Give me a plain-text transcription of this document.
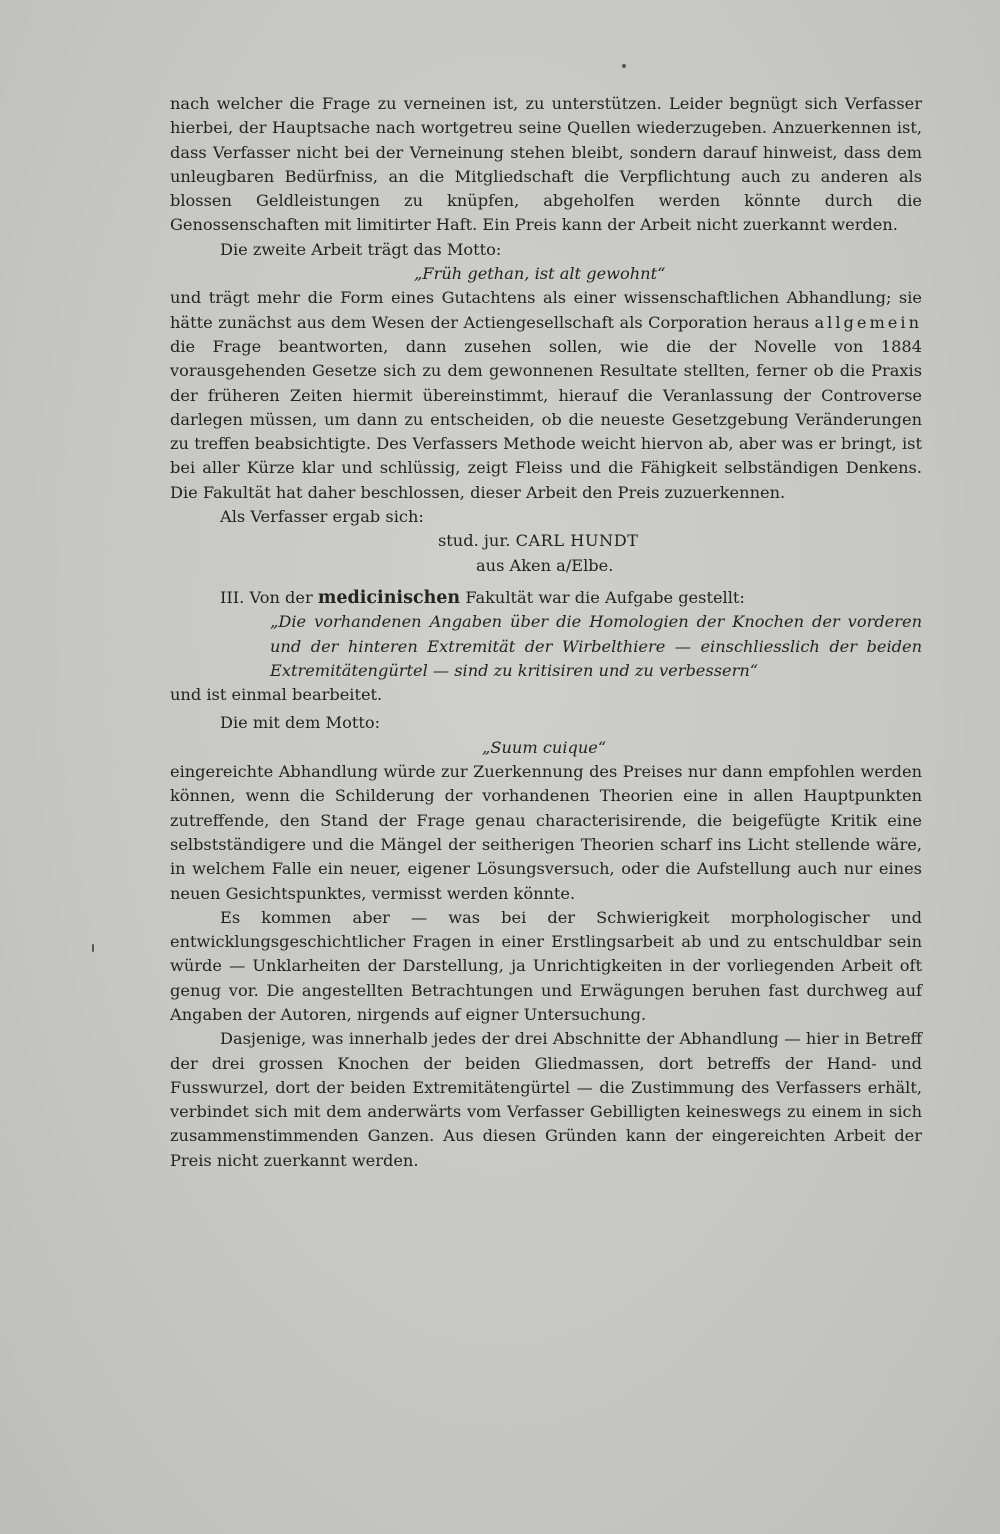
nach welcher die Frage zu verneinen ist, zu unterstützen. Leider begnügt sich Verfasser hierbei, der Hauptsache nach wortgetreu seine Quellen wiederzugeben. Anzuerkennen ist, dass Verfasser nicht bei der Verneinung stehen bleibt, sondern darauf hinweist, dass dem unleugbaren Bedürfniss, an die Mitgliedschaft die Verpflichtung auch zu anderen als blossen Geldleistungen zu knüpfen, abgeholfen werden könnte durch die Genossenschaften mit limitirter Haft. Ein Preis kann der Arbeit nicht zuerkannt werden.

Die zweite Arbeit trägt das Motto:

„Früh gethan, ist alt gewohnt“

und trägt mehr die Form eines Gutachtens als einer wissenschaftlichen Abhandlung; sie hätte zunächst aus dem Wesen der Actiengesellschaft als Corporation heraus allgemein die Frage beantworten, dann zusehen sollen, wie die der Novelle von 1884 vorausgehenden Gesetze sich zu dem gewonnenen Resultate stellten, ferner ob die Praxis der früheren Zeiten hiermit übereinstimmt, hierauf die Veranlassung der Controverse darlegen müssen, um dann zu entscheiden, ob die neueste Gesetzgebung Veränderungen zu treffen beabsichtigte. Des Verfassers Methode weicht hiervon ab, aber was er bringt, ist bei aller Kürze klar und schlüssig, zeigt Fleiss und die Fähigkeit selbständigen Denkens. Die Fakultät hat daher beschlossen, dieser Arbeit den Preis zuzuerkennen.

Als Verfasser ergab sich:

stud. jur. CARL HUNDT

aus Aken a/Elbe.

III. Von der medicinischen Fakultät war die Aufgabe gestellt:

„Die vorhandenen Angaben über die Homologien der Knochen der vorderen und der hinteren Extremität der Wirbelthiere — einschliesslich der beiden Extremitätengürtel — sind zu kritisiren und zu verbessern“

und ist einmal bearbeitet.

Die mit dem Motto:

„Suum cuique“

eingereichte Abhandlung würde zur Zuerkennung des Preises nur dann empfohlen werden können, wenn die Schilderung der vorhandenen Theorien eine in allen Hauptpunkten zutreffende, den Stand der Frage genau characterisirende, die beigefügte Kritik eine selbstständigere und die Mängel der seitherigen Theorien scharf ins Licht stellende wäre, in welchem Falle ein neuer, eigener Lösungsversuch, oder die Aufstellung auch nur eines neuen Gesichtspunktes, vermisst werden könnte.

Es kommen aber — was bei der Schwierigkeit morphologischer und entwicklungsgeschichtlicher Fragen in einer Erstlingsarbeit ab und zu entschuldbar sein würde — Unklarheiten der Darstellung, ja Unrichtigkeiten in der vorliegenden Arbeit oft genug vor. Die angestellten Betrachtungen und Erwägungen beruhen fast durchweg auf Angaben der Autoren, nirgends auf eigner Untersuchung.

Dasjenige, was innerhalb jedes der drei Abschnitte der Abhandlung — hier in Betreff der drei grossen Knochen der beiden Gliedmassen, dort betreffs der Hand- und Fusswurzel, dort der beiden Extremitätengürtel — die Zustimmung des Verfassers erhält, verbindet sich mit dem anderwärts vom Verfasser Gebilligten keineswegs zu einem in sich zusammenstimmenden Ganzen. Aus diesen Gründen kann der eingereichten Arbeit der Preis nicht zuerkannt werden.
